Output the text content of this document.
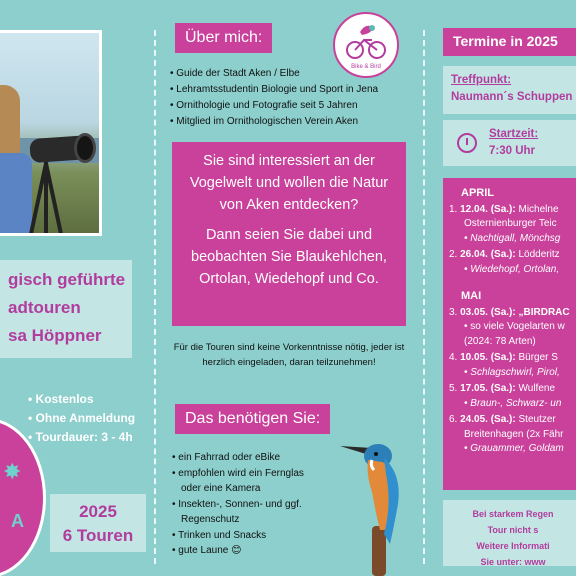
gisch geführte
adtouren
sa Höppner
• Kostenlos
• Ohne Anmeldung
• Tourdauer: 3 - 4h
✸
A	2025
6 Touren
Über mich:
Bike & Bird
• Guide der Stadt Aken / Elbe
• Lehramtsstudentin Biologie und Sport in Jena
• Ornithologie und Fotografie seit 5 Jahren
• Mitglied im Ornithologischen Verein Aken

Sie sind interessiert an der Vogelwelt und wollen die Natur von Aken entdecken?

Dann seien Sie dabei und beobachten Sie Blaukehlchen, Ortolan, Wiedehopf und Co.

Für die Touren sind keine Vorkenntnisse nötig, jeder ist herzlich eingeladen, daran teilzunehmen!
Das benötigen Sie:
• ein Fahrrad oder eBike
• empfohlen wird ein Fernglas oder eine Kamera
• Insekten-, Sonnen- und ggf. Regenschutz
• Trinken und Snacks
• gute Laune 😊
Termine in 2025
Treffpunkt:
Naumann´s Schuppen
Startzeit:
7:30 Uhr
APRIL
1. 12.04. (Sa.): Michelne
Osternienburger Teic
• Nachtigall, Mönchsg
2. 26.04. (Sa.): Lödderitz
• Wiedehopf, Ortolan,
MAI
3. 03.05. (Sa.): „BIRDRAC
• so viele Vogelarten w
(2024: 78 Arten)
4. 10.05. (Sa.): Bürger S
• Schlagschwirl, Pirol,
5. 17.05. (Sa.): Wulfene
• Braun-, Schwarz- un
6. 24.05. (Sa.): Steutzer
Breitenhagen (2x Fähr
• Grauammer, Goldam
Bei starkem Regen
Tour nicht s
Weitere Informati
Sie unter: www
